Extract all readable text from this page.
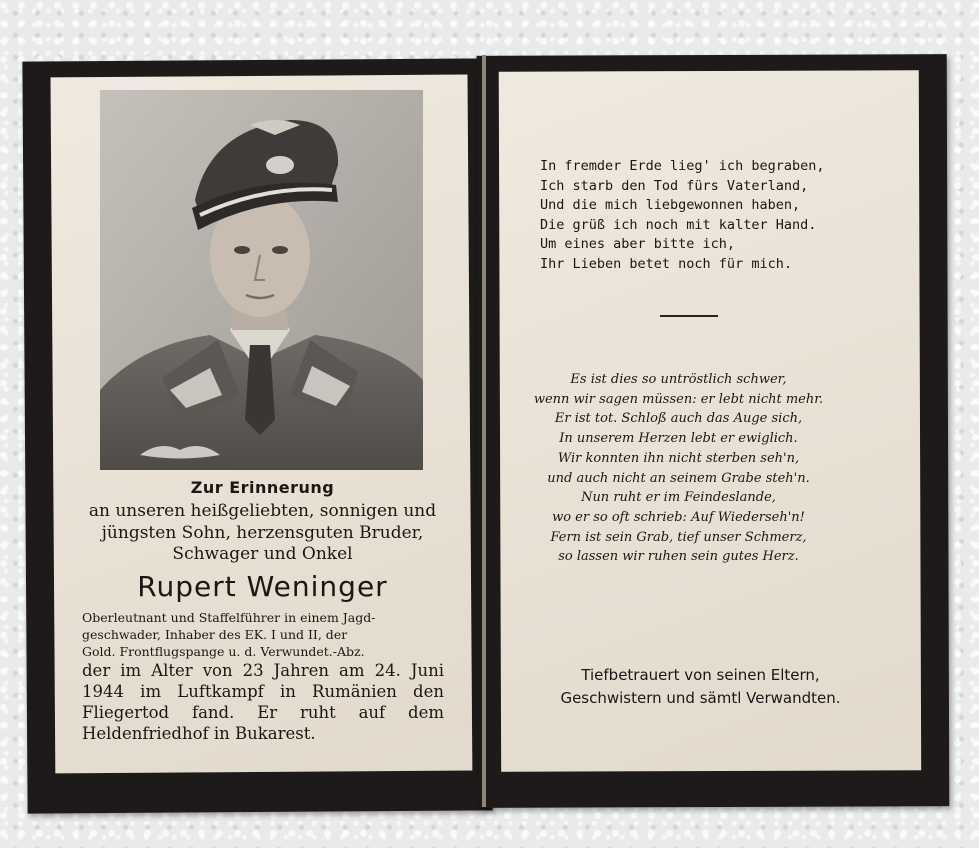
Zur Erinnerung
an unseren heißgeliebten, sonnigen und
jüngsten Sohn, herzensguten Bruder,
Schwager und Onkel
Rupert Weninger
Oberleutnant und Staffelführer in einem Jagd-
geschwader, Inhaber des EK. I und II, der
Gold. Frontflugspange u. d. Verwundet.-Abz.
der im Alter von 23 Jahren am 24. Juni
1944 im Luftkampf in Rumänien den
Fliegertod fand. Er ruht auf dem
Heldenfriedhof in Bukarest.
In fremder Erde lieg' ich begraben,
Ich starb den Tod fürs Vaterland,
Und die mich liebgewonnen haben,
Die grüß ich noch mit kalter Hand.
Um eines aber bitte ich,
Ihr Lieben betet noch für mich.
Es ist dies so untröstlich schwer,
wenn wir sagen müssen: er lebt nicht mehr.
Er ist tot. Schloß auch das Auge sich,
In unserem Herzen lebt er ewiglich.
Wir konnten ihn nicht sterben seh'n,
und auch nicht an seinem Grabe steh'n.
Nun ruht er im Feindeslande,
wo er so oft schrieb: Auf Wiederseh'n!
Fern ist sein Grab, tief unser Schmerz,
so lassen wir ruhen sein gutes Herz.
Tiefbetrauert von seinen Eltern,
Geschwistern und sämtl Verwandten.
